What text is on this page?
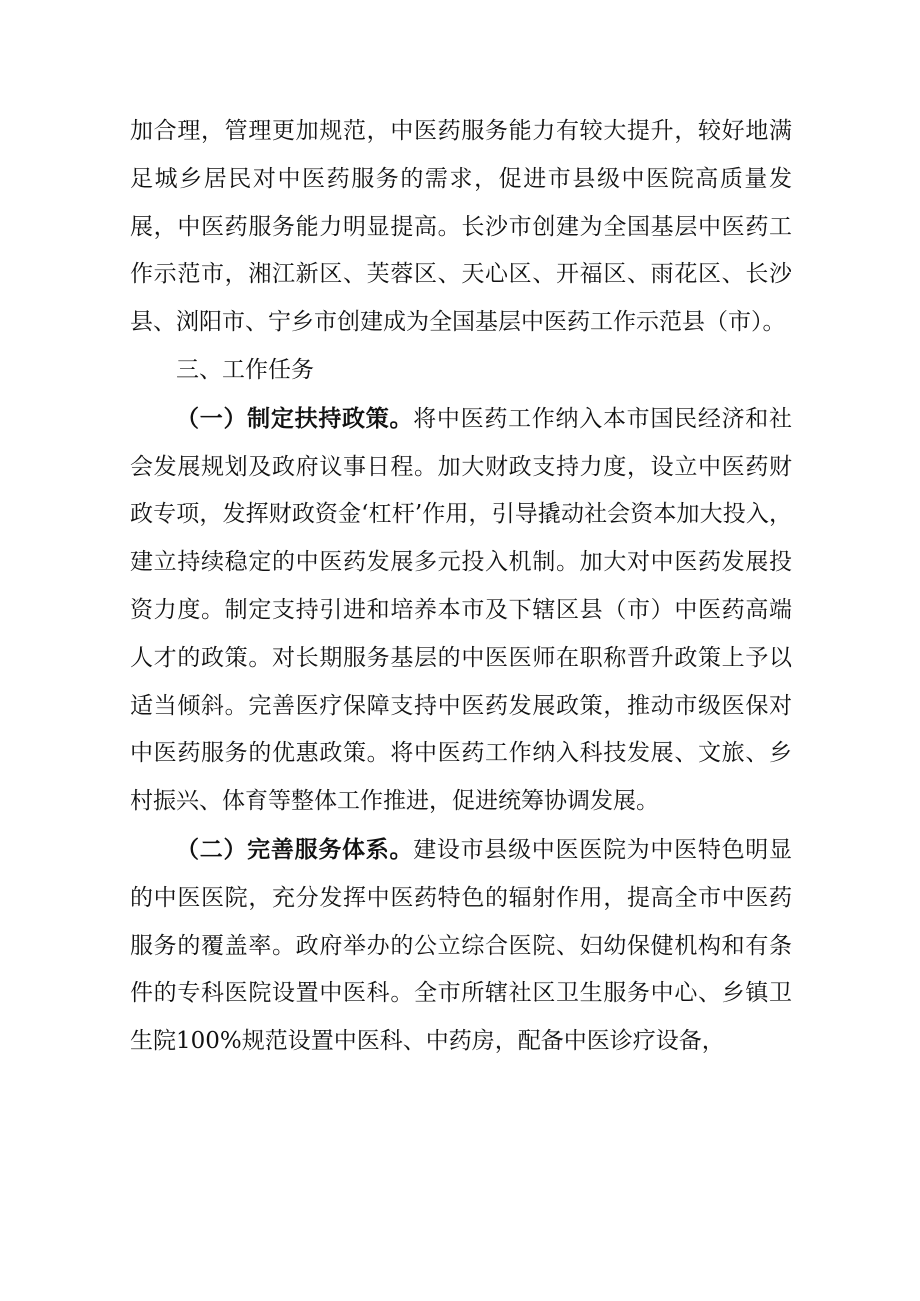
加合理，管理更加规范，中医药服务能力有较大提升，较好地满足城乡居民对中医药服务的需求，促进市县级中医院高质量发展，中医药服务能力明显提高。长沙市创建为全国基层中医药工作示范市，湘江新区、芙蓉区、天心区、开福区、雨花区、长沙县、浏阳市、宁乡市创建成为全国基层中医药工作示范县（市）。

三、工作任务

（一）制定扶持政策。将中医药工作纳入本市国民经济和社会发展规划及政府议事日程。加大财政支持力度，设立中医药财政专项，发挥财政资金‘杠杆’作用，引导撬动社会资本加大投入，建立持续稳定的中医药发展多元投入机制。加大对中医药发展投资力度。制定支持引进和培养本市及下辖区县（市）中医药高端人才的政策。对长期服务基层的中医医师在职称晋升政策上予以适当倾斜。完善医疗保障支持中医药发展政策，推动市级医保对中医药服务的优惠政策。将中医药工作纳入科技发展、文旅、乡村振兴、体育等整体工作推进，促进统筹协调发展。

（二）完善服务体系。建设市县级中医医院为中医特色明显的中医医院，充分发挥中医药特色的辐射作用，提高全市中医药服务的覆盖率。政府举办的公立综合医院、妇幼保健机构和有条件的专科医院设置中医科。全市所辖社区卫生服务中心、乡镇卫生院100%规范设置中医科、中药房，配备中医诊疗设备，
